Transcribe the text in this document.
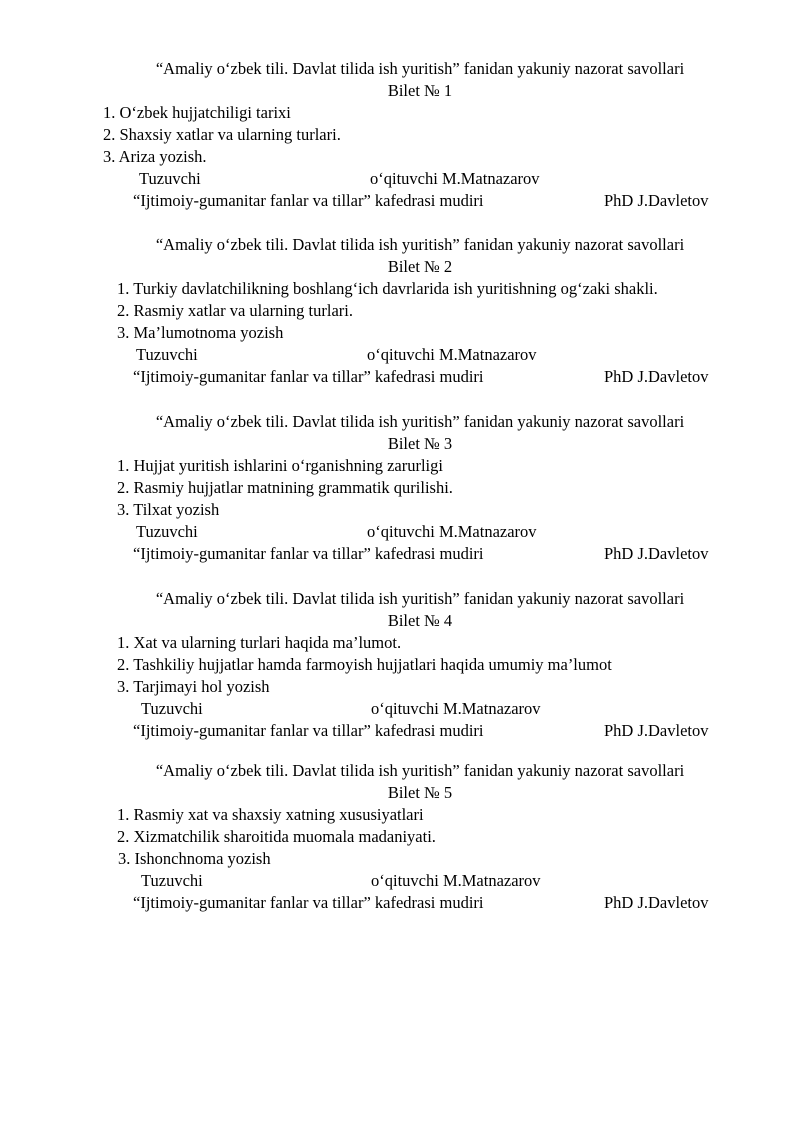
“Amaliy o‘zbek tili. Davlat tilida ish yuritish” fanidan yakuniy nazorat savollari
Bilet № 1
1. O‘zbek hujjatchiligi tarixi
2. Shaxsiy xatlar va ularning turlari.
3. Ariza yozish.
Tuzuvchi	o‘qituvchi M.Matnazarov
“Ijtimoiy-gumanitar fanlar va tillar” kafedrasi mudiri	PhD J.Davletov
“Amaliy o‘zbek tili. Davlat tilida ish yuritish” fanidan yakuniy nazorat savollari
Bilet № 2
1. Turkiy davlatchilikning boshlang‘ich davrlarida ish yuritishning og‘zaki shakli.
2. Rasmiy xatlar va ularning turlari.
3. Ma’lumotnoma yozish
Tuzuvchi	o‘qituvchi M.Matnazarov
“Ijtimoiy-gumanitar fanlar va tillar” kafedrasi mudiri	PhD J.Davletov
“Amaliy o‘zbek tili. Davlat tilida ish yuritish” fanidan yakuniy nazorat savollari
Bilet № 3
1. Hujjat yuritish ishlarini o‘rganishning zarurligi
2. Rasmiy hujjatlar matnining grammatik qurilishi.
3. Tilxat yozish
Tuzuvchi	o‘qituvchi M.Matnazarov
“Ijtimoiy-gumanitar fanlar va tillar” kafedrasi mudiri	PhD J.Davletov
“Amaliy o‘zbek tili. Davlat tilida ish yuritish” fanidan yakuniy nazorat savollari
Bilet № 4
1. Xat va ularning turlari haqida ma’lumot.
2. Tashkiliy hujjatlar hamda farmoyish hujjatlari haqida umumiy ma’lumot
3. Tarjimayi hol yozish
Tuzuvchi	o‘qituvchi M.Matnazarov
“Ijtimoiy-gumanitar fanlar va tillar” kafedrasi mudiri	PhD J.Davletov
“Amaliy o‘zbek tili. Davlat tilida ish yuritish” fanidan yakuniy nazorat savollari
Bilet № 5
1. Rasmiy xat va shaxsiy xatning xususiyatlari
2. Xizmatchilik sharoitida muomala madaniyati.
3. Ishonchnoma yozish
Tuzuvchi	o‘qituvchi M.Matnazarov
“Ijtimoiy-gumanitar fanlar va tillar” kafedrasi mudiri	PhD J.Davletov
